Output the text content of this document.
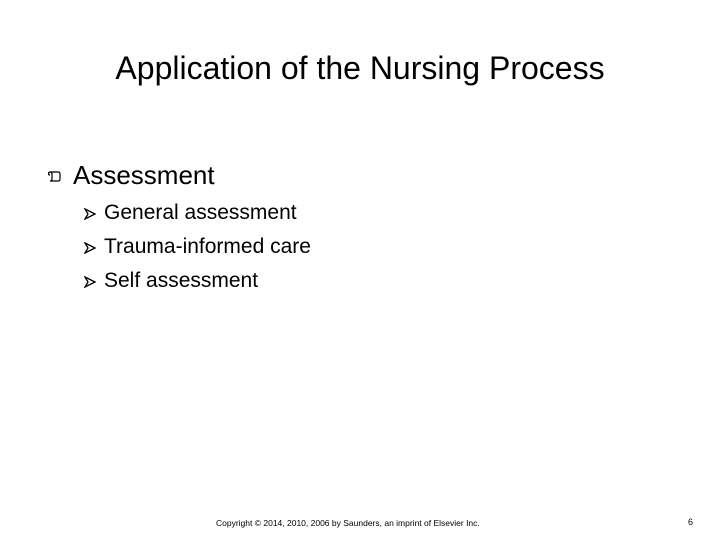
Application of the Nursing Process
Assessment
General assessment
Trauma-informed care
Self assessment
Copyright © 2014, 2010, 2006 by Saunders, an imprint of Elsevier Inc.	6
